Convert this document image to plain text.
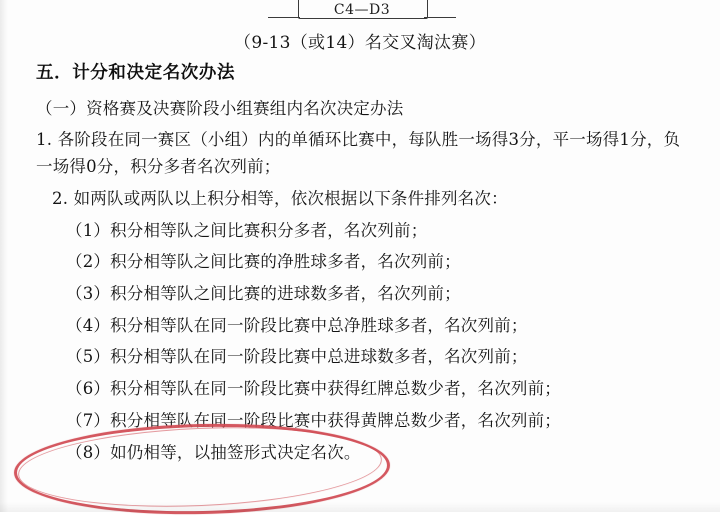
C4—D3
（9-13（或14）名交叉淘汰赛）
五．计分和决定名次办法

（一）资格赛及决赛阶段小组赛组内名次决定办法

1. 各阶段在同一赛区（小组）内的单循环比赛中，每队胜一场得3分，平一场得1分，负一场得0分，积分多者名次列前；

2. 如两队或两队以上积分相等，依次根据以下条件排列名次：

（1）积分相等队之间比赛积分多者，名次列前；

（2）积分相等队之间比赛的净胜球多者，名次列前；

（3）积分相等队之间比赛的进球数多者，名次列前；

（4）积分相等队在同一阶段比赛中总净胜球多者，名次列前；

（5）积分相等队在同一阶段比赛中总进球数多者，名次列前；

（6）积分相等队在同一阶段比赛中获得红牌总数少者，名次列前；

（7）积分相等队在同一阶段比赛中获得黄牌总数少者，名次列前；

（8）如仍相等，以抽签形式决定名次。
